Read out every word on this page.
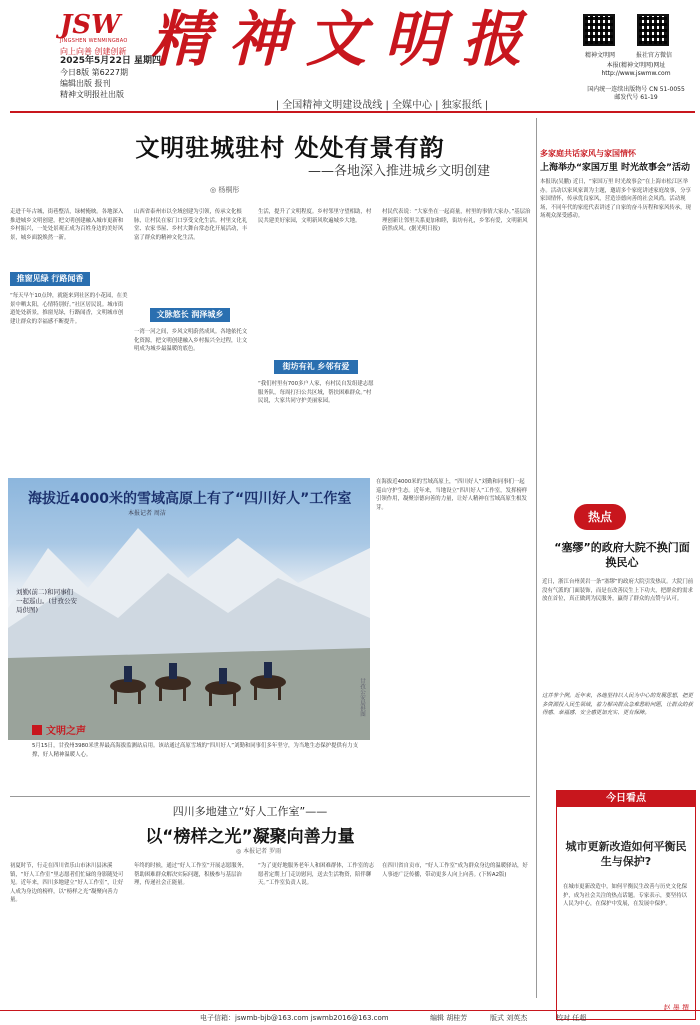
JSW
JINGSHEN WENMINGBAO
向上向善 创建创新 精神文明报
2025年5月22日 星期四
今日8版 第6227期
编辑出版 报刊
精神文明报社出版
精神文明网	报社官方微信
本报(精神文明网)网址
http://www.jswmw.com
国内统一连续出版物号 CN 51-0055
邮发代号 61-19
| 全国精神文明建设战线 | 全媒中心 | 独家报纸 |
文明驻城驻村 处处有景有韵
——各地深入推进城乡文明创建
◎ 杨桐彤
走进千年古城，街巷整洁，绿树掩映。各地深入推进城乡文明创建，把文明创建融入城市更新和乡村振兴，一处处景观正成为百姓身边的美好风景，城乡面貌焕然一新。
推窗见绿 行路闻香
“每天早午10点钟，就能来到社区的小花园，在美景中晒太阳，心情特别好。”社区居民说。城市街道处处新景，推窗见绿，行路闻香，文明城市创建让群众的幸福感不断提升。
山西省泰州市以全域创建为引领，传承文化根脉，让村民在家门口享受文化生活。村里文化礼堂、农家书屋、乡村大舞台常态化开展活动，丰富了群众的精神文化生活。
文脉悠长 润泽城乡
一湾一河之间，乡风文明蔚然成风。各地依托文化资源，把文明创建融入乡村振兴全过程，让文明成为城乡最温暖的底色。
生活，提升了文明程度。乡村邻里守望相助，村民共建美好家园，文明新风吹遍城乡大地。
街坊有礼 乡邻有爱
“我们村里有700多户人家，有村民自发组建志愿服务队，每周打扫公共区域，帮扶困难群众。”村民说，大家共同守护美丽家园。
村民代表说：“大家坐在一起商量，村里的事情大家办。”基层治理创新让邻里关系更加和睦，街坊有礼，乡邻有爱，文明新风蔚然成风。(据光明日报)
多家庭共话家风与家国情怀
上海举办“家国万里 时光故事会”活动
本报讯(吴鹏) 近日，“家国万里 时光故事会”在上海市松江区举办。活动以家风家训为主题，邀请多个家庭讲述家庭故事，分享家国情怀，传承优良家风，营造崇德向善的社会风尚。活动现场，不同年代的家庭代表讲述了自家的奋斗历程和家风传承，现场观众深受感动。
海拔近4000米的雪域高原上有了“四川好人”工作室
本报记者 周洁
刘勤(前二)和同事们一起巡山。(甘孜公安局供图)
甘孜公安局供图
在海拔近4000米的雪域高原上，“四川好人”刘勤和同事们一起巡山守护生态。近年来，当地设立“四川好人”工作室，发挥榜样引领作用，凝聚崇德向善的力量，让好人精神在雪域高原生根发芽。
文明之声
5月15日，甘孜州3980米世界最高海拔监测站启用。该站通过高原雪域的“四川好人”刘勤和同事们多年坚守，为当地生态保护提供有力支撑，好人精神温暖人心。
四川多地建立“好人工作室”——
以“榜样之光”凝聚向善力量
◎ 本报记者 罗雨
初夏时节，行走在四川省乐山市沐川县沐溪镇，“好人工作室”里志愿者们忙碌的身影随处可见。近年来，四川多地建立“好人工作室”，让好人成为身边的榜样，以“榜样之光”凝聚向善力量。
年终的时候，通过“好人工作室”开展志愿服务，帮助困难群众解决实际问题，积极参与基层治理，传递社会正能量。
“为了更好地服务老年人和困难群体，工作室的志愿者定期上门走访慰问，送去生活物资，陪伴聊天。”工作室负责人说。
在四川省自贡市，“好人工作室”成为群众身边的温暖驿站，好人事迹广泛传播，带动更多人向上向善。(下转A2版)
热点
观察
“塞缪”的政府大院不换门面换民心
近日，浙江台州黄岩一条“塞缪”的政府大院引发热议。大院门前没有气派的门面装饰，而是在改善民生上下功夫，把群众的需求放在首位，真正做到为民服务，赢得了群众的点赞与认可。
这并非个例。近年来，各地坚持以人民为中心的发展思想，把更多资源投入民生领域，着力解决群众急难愁盼问题，让群众的获得感、幸福感、安全感更加充实、更有保障。
今日看点
城市更新改造如何平衡民生与保护?
在城市更新改造中，如何平衡民生改善与历史文化保护，成为社会关注的热点话题。专家表示，要坚持以人民为中心，在保护中发展，在发展中保护。
赵 墨 撰
电子信箱：jswmb-bjb@163.com jswmb2016@163.com	编辑 胡桂芳	版式 刘英杰	校对 任超
